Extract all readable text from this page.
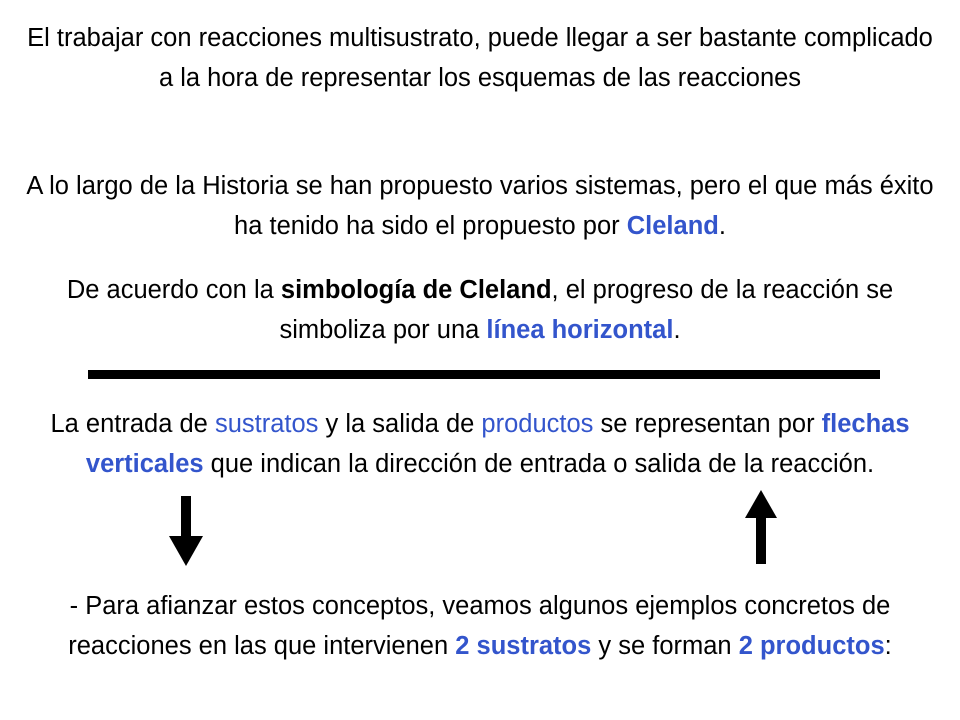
El trabajar con reacciones multisustrato, puede llegar a ser bastante complicado a la hora de representar los esquemas de las reacciones

A lo largo de la Historia se han propuesto varios sistemas, pero el que más éxito ha tenido ha sido el propuesto por Cleland.

De acuerdo con la simbología de Cleland, el progreso de la reacción se simboliza por una línea horizontal.

La entrada de sustratos y la salida de productos se representan por flechas verticales que indican la dirección de entrada o salida de la reacción.

- Para afianzar estos conceptos, veamos algunos ejemplos concretos de reacciones en las que intervienen 2 sustratos y se forman 2 productos:
